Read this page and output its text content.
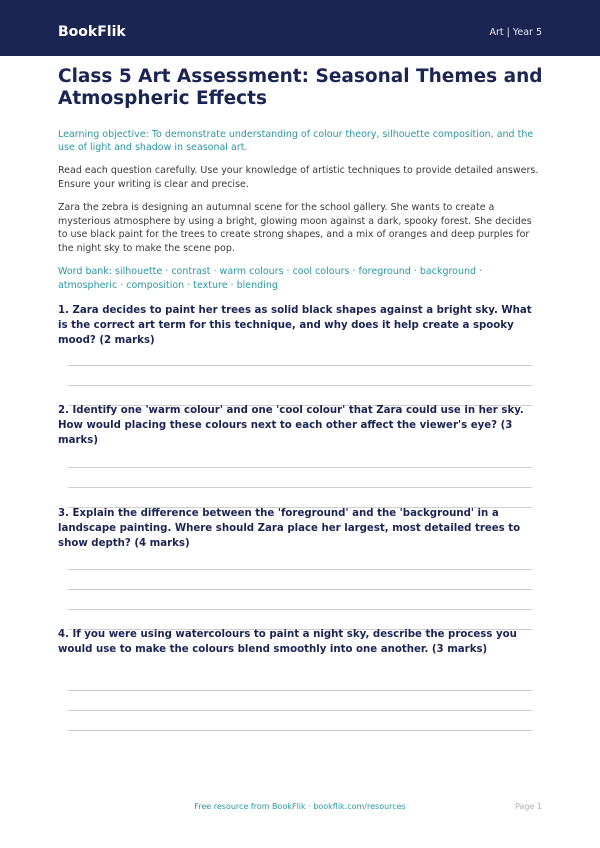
BookFlik	Art | Year 5
Class 5 Art Assessment: Seasonal Themes and Atmospheric Effects

Learning objective: To demonstrate understanding of colour theory, silhouette composition, and the use of light and shadow in seasonal art.

Read each question carefully. Use your knowledge of artistic techniques to provide detailed answers. Ensure your writing is clear and precise.

Zara the zebra is designing an autumnal scene for the school gallery. She wants to create a mysterious atmosphere by using a bright, glowing moon against a dark, spooky forest. She decides to use black paint for the trees to create strong shapes, and a mix of oranges and deep purples for the night sky to make the scene pop.

Word bank: silhouette · contrast · warm colours · cool colours · foreground · background · atmospheric · composition · texture · blending

1. Zara decides to paint her trees as solid black shapes against a bright sky. What is the correct art term for this technique, and why does it help create a spooky mood? (2 marks)
2. Identify one 'warm colour' and one 'cool colour' that Zara could use in her sky. How would placing these colours next to each other affect the viewer's eye? (3 marks)
3. Explain the difference between the 'foreground' and the 'background' in a landscape painting. Where should Zara place her largest, most detailed trees to show depth? (4 marks)
4. If you were using watercolours to paint a night sky, describe the process you would use to make the colours blend smoothly into one another. (3 marks)
Free resource from BookFlik · bookflik.com/resources	Page 1
